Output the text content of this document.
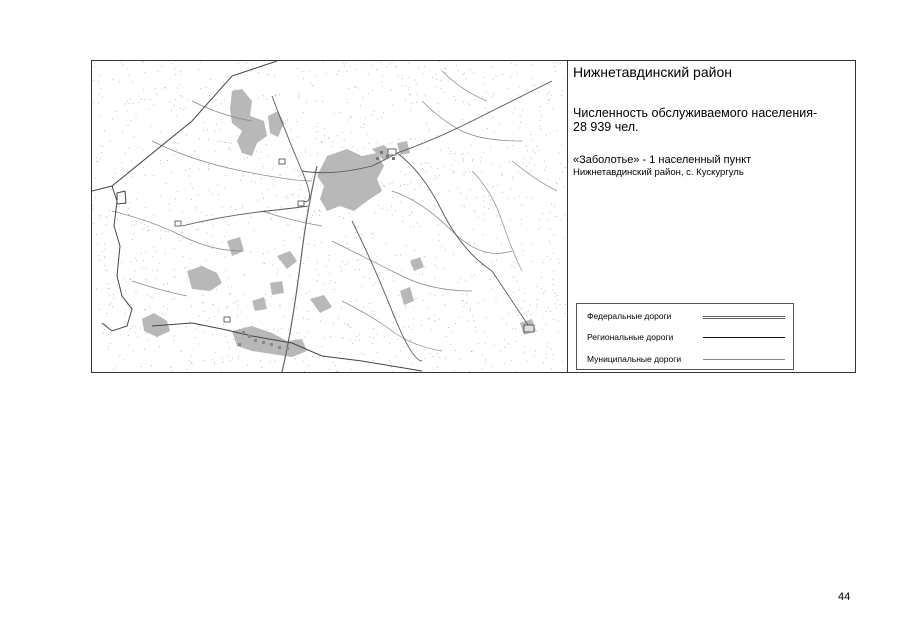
Нижнетавдинский район
Численность обслуживаемого населения-
28 939 чел.
«Заболотье» - 1 населенный пункт
Нижнетавдинский район, с. Кускургуль
Федеральные дороги
Региональные дороги
Муниципальные дороги
44
